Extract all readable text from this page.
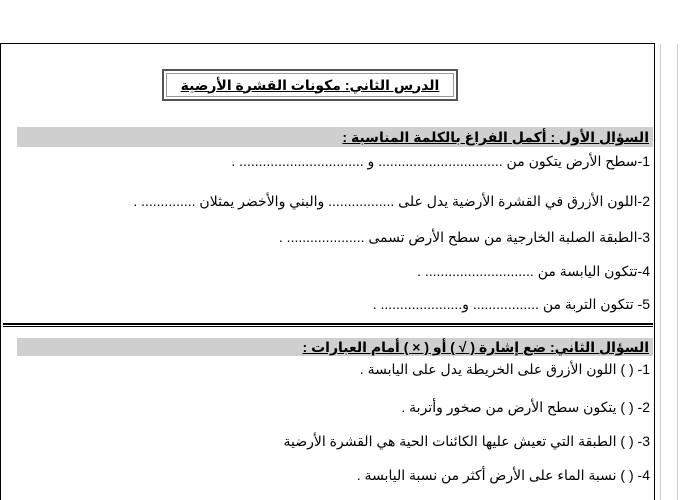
الدرس الثاني: مكونات القشرة الأرضية
السؤال الأول : أكمل الفراغ بالكلمة المناسبة :
1-سطح الأرض يتكون من ................................ و ................................ .
2-اللون الأزرق في القشرة الأرضية يدل على ................. والبني والأخضر يمثلان .............. .
3-الطبقة الصلبة الخارجية من سطح الأرض تسمى .................... .
4-تتكون اليابسة من ............................ .
5- تتكون التربة من ................. و..................... .
السؤال الثاني: ضع إشارة ( √ ) أو ( × ) أمام العبارات :
1- ( ) اللون الأزرق على الخريطة يدل على اليابسة .
2- ( ) يتكون سطح الأرض من صخور وأتربة .
3- ( ) الطبقة التي تعيش عليها الكائنات الحية هي القشرة الأرضية
4- ( ) نسبة الماء على الأرض أكثر من نسبة اليابسة .
